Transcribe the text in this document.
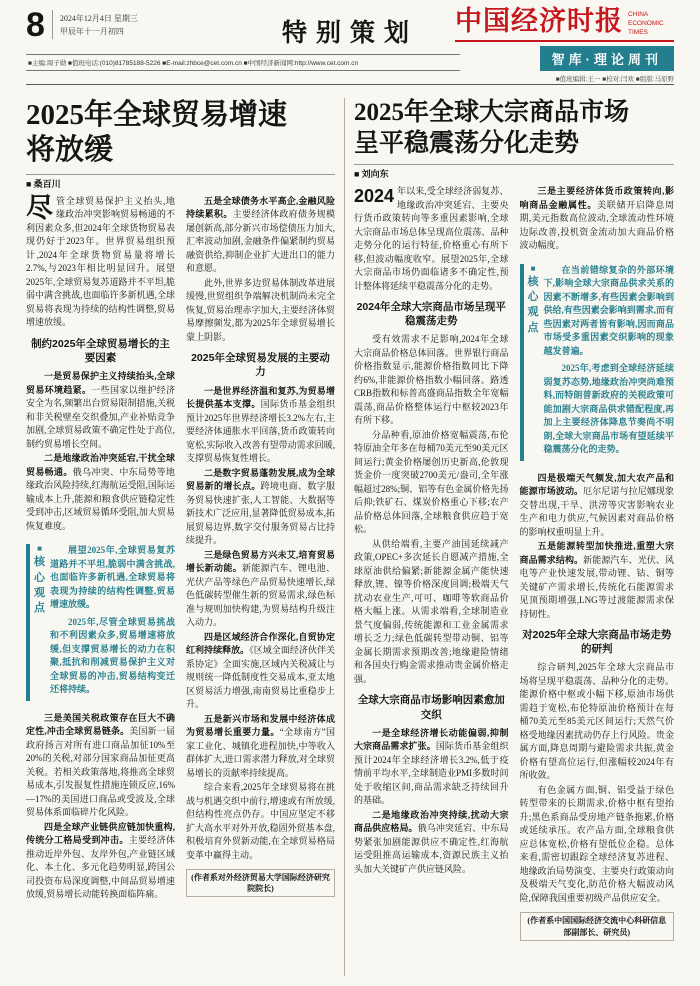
8 2024年12月4日 星期三
甲辰年十一月初四	特别策划 中国经济时报 CHINA
ECONOMIC TIMES
智库·理论周刊
■值班编辑:王一 ■校对:闫欢 ■组版:马原野
■主编:周子勋 ■值班电话:(010)81785188-5226 ■E-mail:zhbce@cet.com.cn ■中国经济新闻网:http://www.cet.com.cn
2025年全球贸易增速
将放缓
■ 桑百川

尽管全球贸易保护主义抬头,地缘政治冲突影响贸易畅通的不利因素众多,但2024年全球货物贸易表现仍好于2023年。世界贸易组织预计,2024年全球货物贸易量将增长2.7%,与2023年相比明显回升。展望2025年,全球贸易复苏道路并不平坦,脆弱中满含挑战,也面临许多新机遇,全球贸易将表现为持续的结构性调整,贸易增速放缓。

制约2025年全球贸易增长的主要因素

一是贸易保护主义持续抬头,全球贸易环境趋紧。一些国家以维护经济安全为名,频繁出台贸易限制措施,关税和非关税壁垒交织叠加,产业补贴竞争加剧,全球贸易政策不确定性处于高位,制约贸易增长空间。

二是地缘政治冲突延宕,干扰全球贸易畅通。俄乌冲突、中东局势等地缘政治风险持续,红海航运受阻,国际运输成本上升,能源和粮食供应链稳定性受到冲击,区域贸易循环受阻,加大贸易恢复难度。

■
核
心
观
点

展望2025年,全球贸易复苏道路并不平坦,脆弱中满含挑战,也面临许多新机遇,全球贸易将表现为持续的结构性调整,贸易增速放缓。

2025年,尽管全球贸易挑战和不利因素众多,贸易增速将放缓,但支撑贸易增长的动力在积聚,抵抗和削减贸易保护主义对全球贸易的冲击,贸易结构变迁还将持续。

三是美国关税政策存在巨大不确定性,冲击全球贸易链条。美国新一届政府扬言对所有进口商品加征10%至20%的关税,对部分国家商品加征更高关税。若相关政策落地,将推高全球贸易成本,引发报复性措施连锁反应,16%—17%的美国进口商品或受波及,全球贸易体系面临碎片化风险。

四是全球产业链供应链加快重构,传统分工格局受到冲击。主要经济体推动近岸外包、友岸外包,产业链区域化、本土化、多元化趋势明显,跨国公司投资布局深度调整,中间品贸易增速放缓,贸易增长动能转换面临阵痛。

五是全球债务水平高企,金融风险持续累积。主要经济体政府债务规模屡创新高,部分新兴市场偿债压力加大,汇率波动加剧,金融条件偏紧制约贸易融资供给,抑制企业扩大进出口的能力和意愿。

此外,世界多边贸易体制改革进展缓慢,世贸组织争端解决机制尚未完全恢复,贸易治理赤字加大,主要经济体贸易摩擦频发,都为2025年全球贸易增长蒙上阴影。

2025年全球贸易发展的主要动力

一是世界经济温和复苏,为贸易增长提供基本支撑。国际货币基金组织预计2025年世界经济增长3.2%左右,主要经济体通胀水平回落,货币政策转向宽松,实际收入改善有望带动需求回暖,支撑贸易恢复性增长。

二是数字贸易蓬勃发展,成为全球贸易新的增长点。跨境电商、数字服务贸易快速扩张,人工智能、大数据等新技术广泛应用,显著降低贸易成本,拓展贸易边界,数字交付服务贸易占比持续提升。

三是绿色贸易方兴未艾,培育贸易增长新动能。新能源汽车、锂电池、光伏产品等绿色产品贸易快速增长,绿色低碳转型催生新的贸易需求,绿色标准与规则加快构建,为贸易结构升级注入动力。

四是区域经济合作深化,自贸协定红利持续释放。《区域全面经济伙伴关系协定》全面实施,区域内关税减让与规则统一降低制度性交易成本,亚太地区贸易活力增强,南南贸易比重稳步上升。

五是新兴市场和发展中经济体成为贸易增长重要力量。“全球南方”国家工业化、城镇化进程加快,中等收入群体扩大,进口需求潜力释放,对全球贸易增长的贡献率持续提高。

综合来看,2025年全球贸易将在挑战与机遇交织中前行,增速或有所放缓,但结构性亮点仍存。中国应坚定不移扩大高水平对外开放,稳固外贸基本盘,积极培育外贸新动能,在全球贸易格局变革中赢得主动。

(作者系对外经济贸易大学国际经济研究院院长)
2025年全球大宗商品市场
呈平稳震荡分化走势
■ 刘向东

2024 年以来,受全球经济弱复苏、地缘政治冲突延宕、主要央行货币政策转向等多重因素影响,全球大宗商品市场总体呈现高位震荡、品种走势分化的运行特征,价格重心有所下移,但波动幅度收窄。展望2025年,全球大宗商品市场仍面临诸多不确定性,预计整体将延续平稳震荡分化的走势。

2024年全球大宗商品市场呈现平稳震荡走势

受有效需求不足影响,2024年全球大宗商品价格总体回落。世界银行商品价格指数显示,能源价格指数同比下降约6%,非能源价格指数小幅回落。路透CRB指数和标普高盛商品指数全年宽幅震荡,商品价格整体运行中枢较2023年有所下移。

分品种看,原油价格宽幅震荡,布伦特原油全年多在每桶70美元至90美元区间运行;黄金价格屡创历史新高,伦敦现货金价一度突破2700美元/盎司,全年涨幅超过28%;铜、铝等有色金属价格先扬后抑;铁矿石、煤炭价格重心下移;农产品价格总体回落,全球粮食供应趋于宽松。

从供给端看,主要产油国延续减产政策,OPEC+多次延长自愿减产措施,全球原油供给偏紧;新能源金属产能快速释放,锂、镍等价格深度回调;极端天气扰动农业生产,可可、咖啡等软商品价格大幅上涨。从需求端看,全球制造业景气度偏弱,传统能源和工业金属需求增长乏力;绿色低碳转型带动铜、铝等金属长期需求预期改善;地缘避险情绪和各国央行购金需求推动贵金属价格走强。

全球大宗商品市场影响因素愈加交织

一是全球经济增长动能偏弱,抑制大宗商品需求扩张。国际货币基金组织预计2024年全球经济增长3.2%,低于疫情前平均水平,全球制造业PMI多数时间处于收缩区间,商品需求缺乏持续回升的基础。

二是地缘政治冲突持续,扰动大宗商品供应格局。俄乌冲突延宕、中东局势紧张加剧能源供应不确定性,红海航运受阻推高运输成本,资源民族主义抬头加大关键矿产供应链风险。

三是主要经济体货币政策转向,影响商品金融属性。美联储开启降息周期,美元指数高位波动,全球流动性环境边际改善,投机资金流动加大商品价格波动幅度。

■
核
心
观
点

在当前错综复杂的外部环境下,影响全球大宗商品供求关系的因素不断增多,有些因素会影响到供给,有些因素会影响到需求,而有些因素对两者皆有影响,因而商品市场受多重因素交织影响的现象越发普遍。

2025年,考虑到全球经济延续弱复苏态势,地缘政治冲突尚难预料,而特朗普新政府的关税政策可能加剧大宗商品供求错配程度,再加上主要经济体降息节奏尚不明朗,全球大宗商品市场有望延续平稳震荡分化的走势。

四是极端天气频发,加大农产品和能源市场波动。厄尔尼诺与拉尼娜现象交替出现,干旱、洪涝等灾害影响农业生产和电力供应,气候因素对商品价格的影响权重明显上升。

五是能源转型加快推进,重塑大宗商品需求结构。新能源汽车、光伏、风电等产业快速发展,带动锂、钴、铜等关键矿产需求增长,传统化石能源需求见顶预期增强,LNG等过渡能源需求保持韧性。

对2025年全球大宗商品市场走势的研判

综合研判,2025年全球大宗商品市场将呈现平稳震荡、品种分化的走势。能源价格中枢或小幅下移,原油市场供需趋于宽松,布伦特原油价格预计在每桶70美元至85美元区间运行;天然气价格受地缘因素扰动仍存上行风险。贵金属方面,降息周期与避险需求共振,黄金价格有望高位运行,但涨幅较2024年有所收敛。

有色金属方面,铜、铝受益于绿色转型带来的长期需求,价格中枢有望抬升;黑色系商品受房地产链条拖累,价格或延续承压。农产品方面,全球粮食供应总体宽松,价格有望低位企稳。总体来看,需密切跟踪全球经济复苏进程、地缘政治局势演变、主要央行政策动向及极端天气变化,防范价格大幅波动风险,保障我国重要初级产品供应安全。

(作者系中国国际经济交流中心科研信息部副部长、研究员)
